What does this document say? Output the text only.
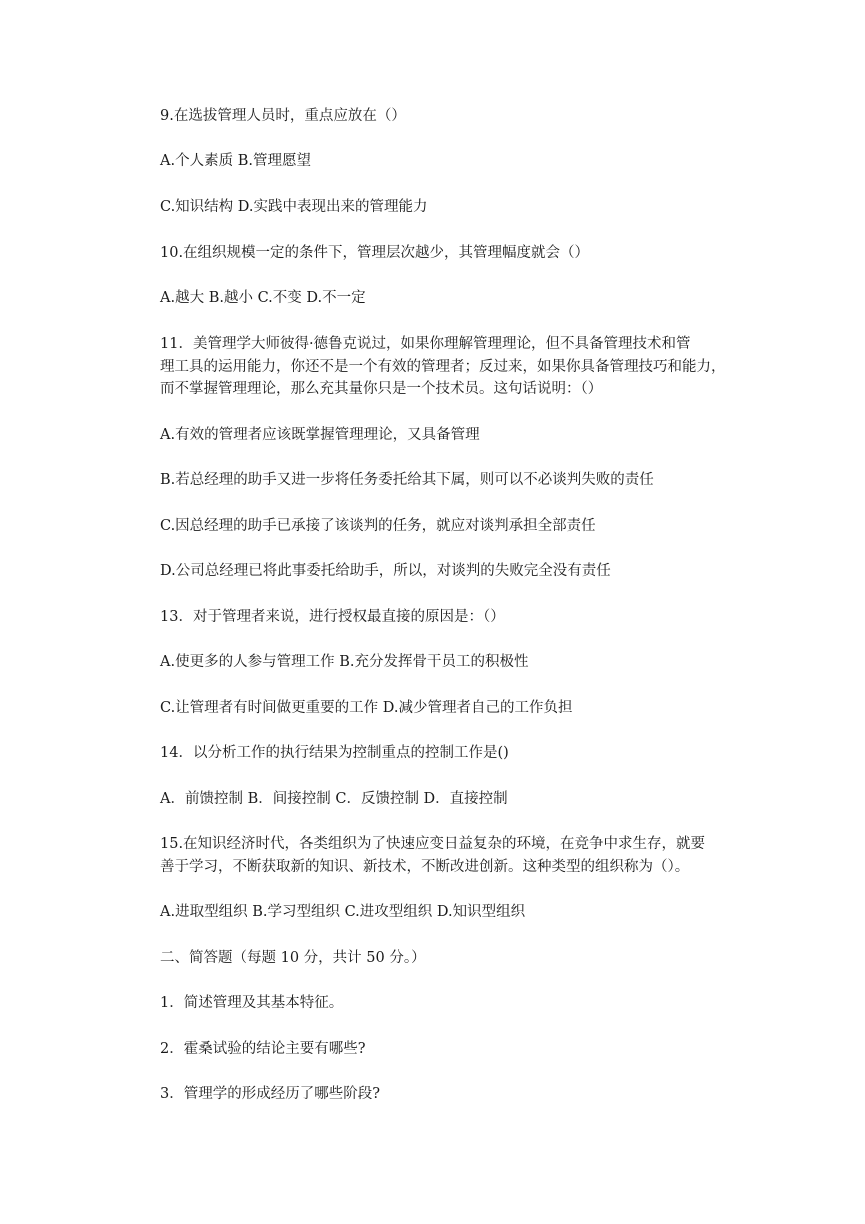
9.在选拔管理人员时，重点应放在（）
A.个人素质 B.管理愿望
C.知识结构 D.实践中表现出来的管理能力
10.在组织规模一定的条件下，管理层次越少，其管理幅度就会（）
A.越大 B.越小 C.不变 D.不一定
11．美管理学大师彼得·德鲁克说过，如果你理解管理理论，但不具备管理技术和管
理工具的运用能力，你还不是一个有效的管理者；反过来，如果你具备管理技巧和能力，
而不掌握管理理论，那么充其量你只是一个技术员。这句话说明：（）
A.有效的管理者应该既掌握管理理论，又具备管理
B.若总经理的助手又进一步将任务委托给其下属，则可以不必谈判失败的责任
C.因总经理的助手已承接了该谈判的任务，就应对谈判承担全部责任
D.公司总经理已将此事委托给助手，所以，对谈判的失败完全没有责任
13．对于管理者来说，进行授权最直接的原因是：（）
A.使更多的人参与管理工作 B.充分发挥骨干员工的积极性
C.让管理者有时间做更重要的工作 D.减少管理者自己的工作负担
14．以分析工作的执行结果为控制重点的控制工作是()
A．前馈控制 B．间接控制 C．反馈控制 D．直接控制
15.在知识经济时代，各类组织为了快速应变日益复杂的环境，在竞争中求生存，就要
善于学习，不断获取新的知识、新技术，不断改进创新。这种类型的组织称为（）。
A.进取型组织 B.学习型组织 C.进攻型组织 D.知识型组织
二、简答题（每题 10 分，共计 50 分。）
1．简述管理及其基本特征。
2．霍桑试验的结论主要有哪些?
3．管理学的形成经历了哪些阶段?
